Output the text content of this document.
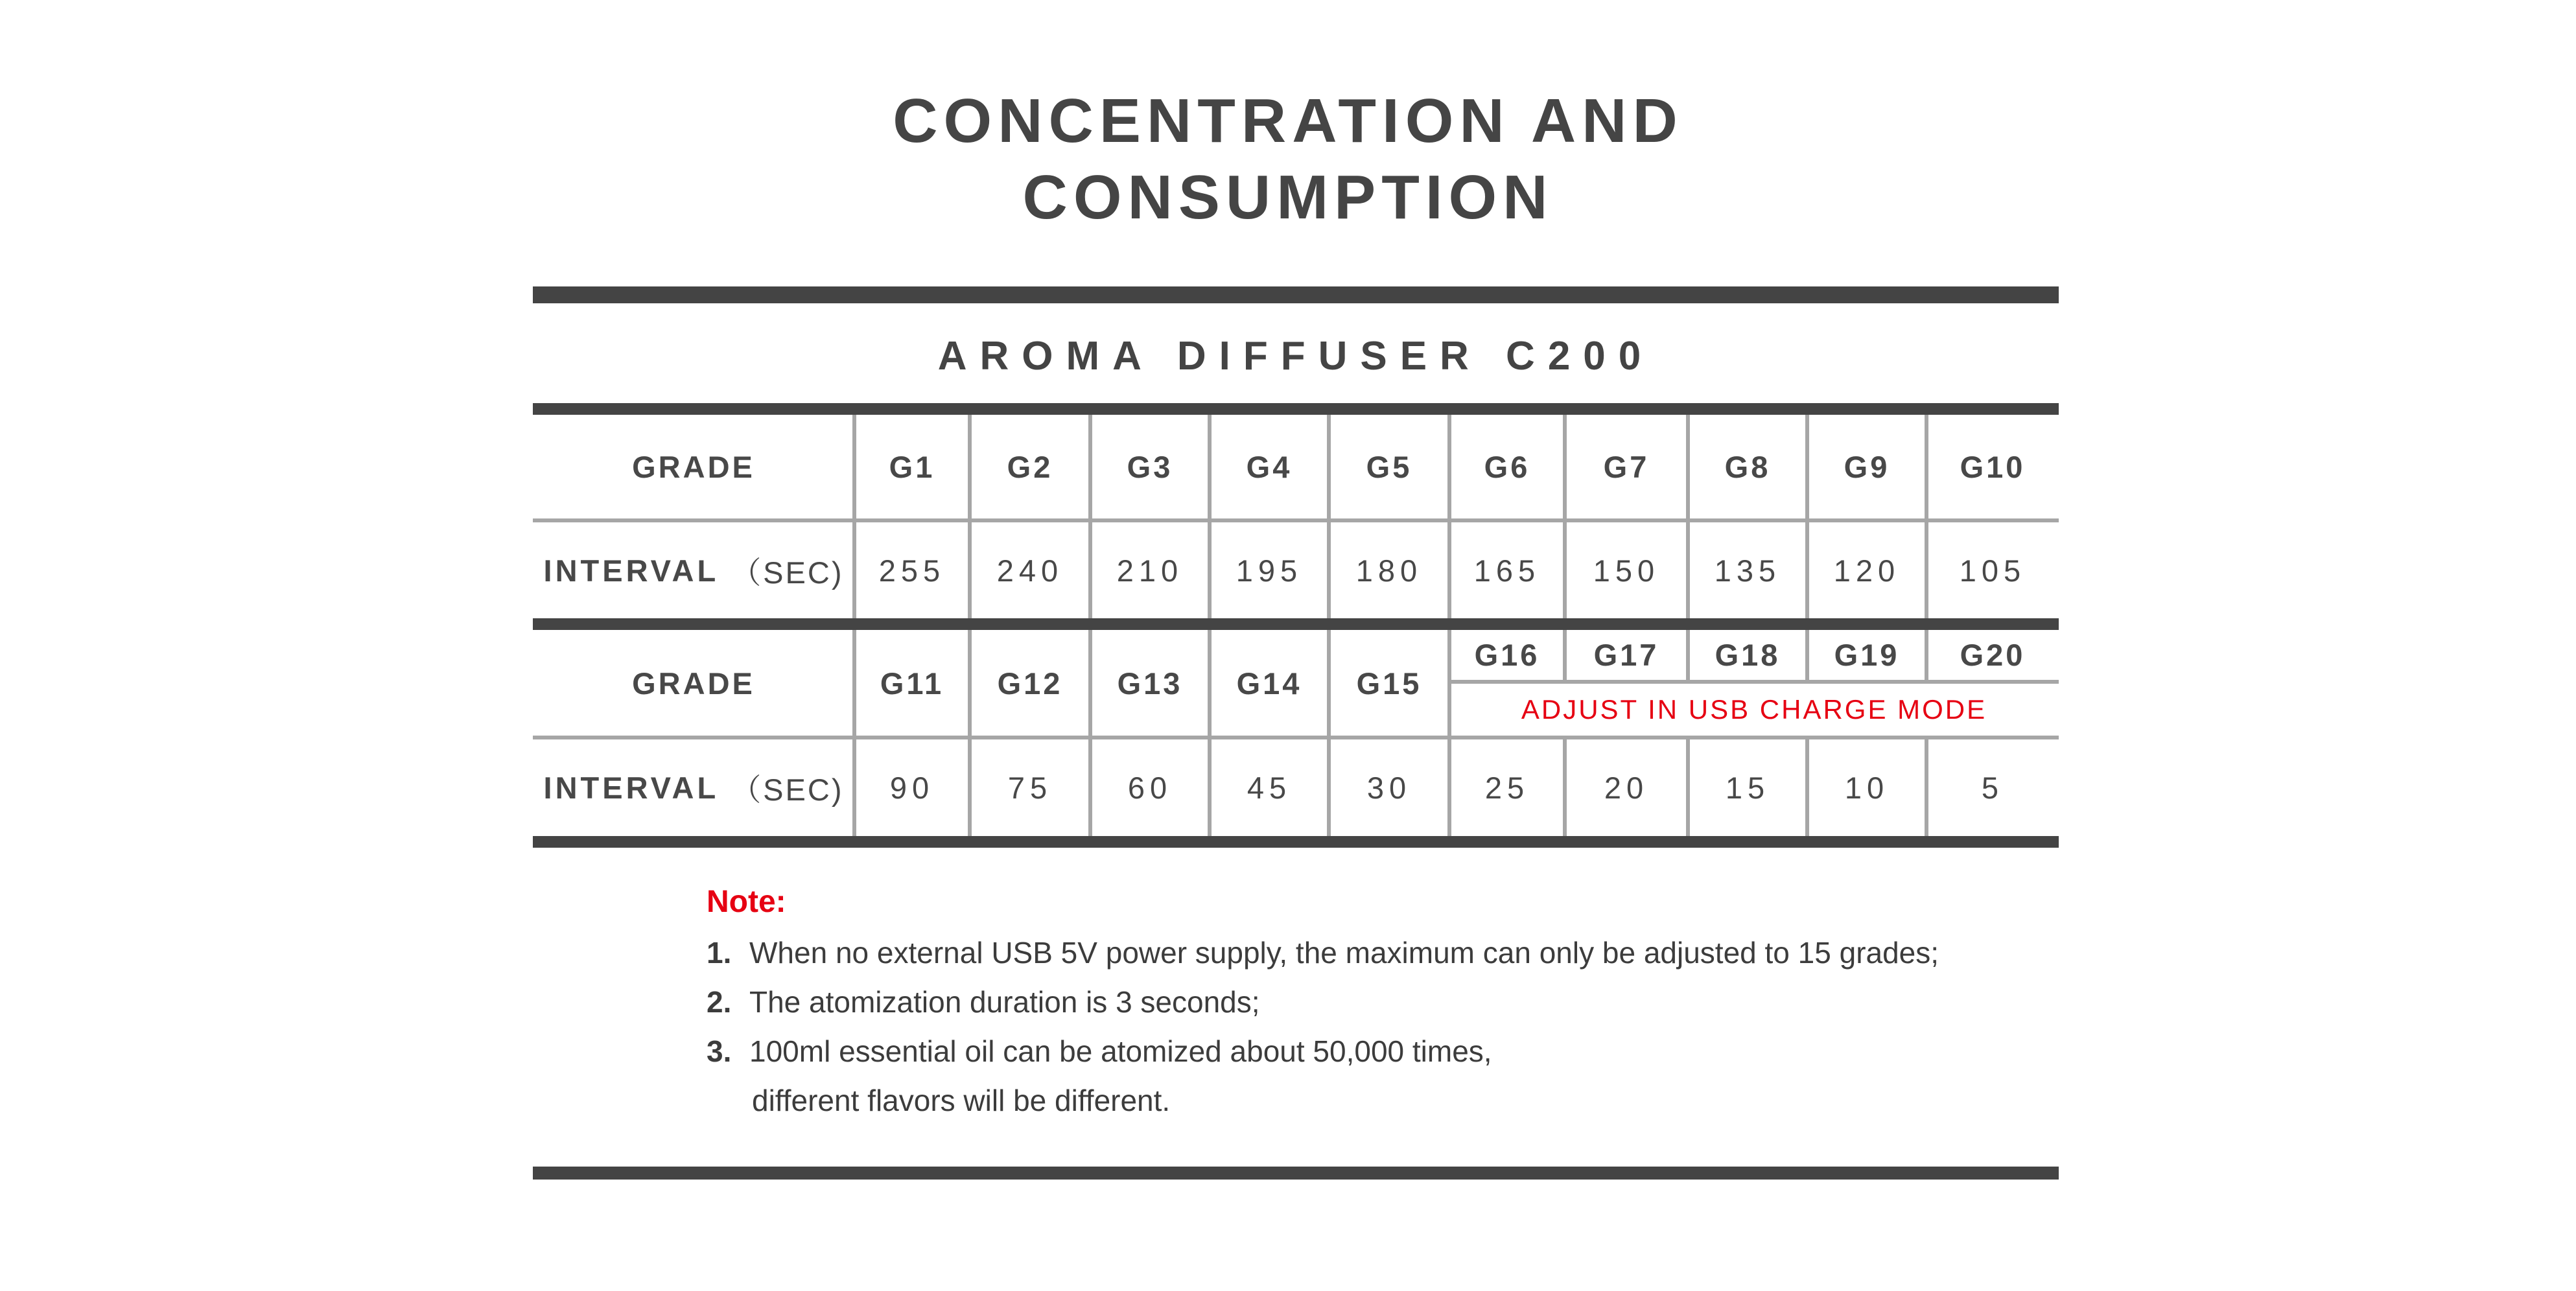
CONCENTRATION AND
CONSUMPTION
AROMA DIFFUSER C200
GRADE
INTERVAL （SEC)
G1
255
G2
240
G3
210
G4
195
G5
180
G6
165
G7
150
G8
135
G9
120
G10
105
GRADE
INTERVAL （SEC)
G11
90
G12
75
G13
60
G14
45
G15
30
G16
25
G17
20
G18
15
G19
10
G20
5
ADJUST IN USB CHARGE MODE
Note:
1. When no external USB 5V power supply, the maximum can only be adjusted to 15 grades;
2. The atomization duration is 3 seconds;
3. 100ml essential oil can be atomized about 50,000 times,
different flavors will be different.
